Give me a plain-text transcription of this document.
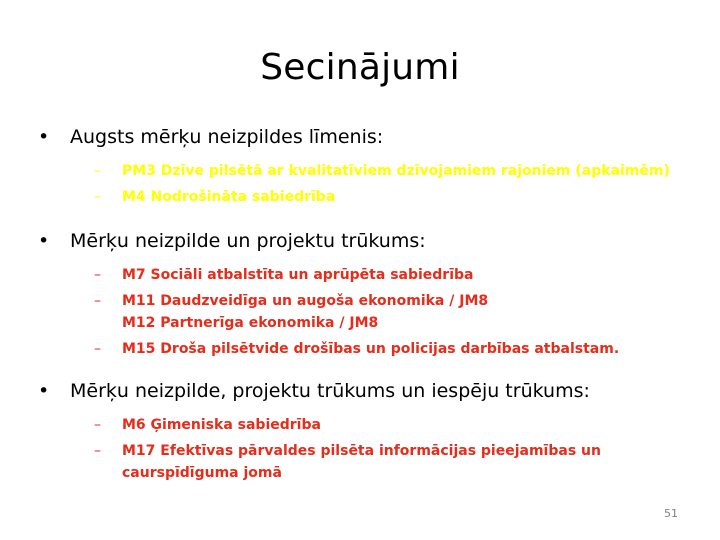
Secinājumi
• Augsts mērķu neizpildes līmenis:
– PM3 Dzīve pilsētā ar kvalitatīviem dzīvojamiem rajoniem (apkaimēm)
– M4 Nodrošināta sabiedrība
• Mērķu neizpilde un projektu trūkums:
– M7 Sociāli atbalstīta un aprūpēta sabiedrība
– M11 Daudzveidīga un augoša ekonomika / JM8
M12 Partnerīga ekonomika / JM8
– M15 Droša pilsētvide drošības un policijas darbības atbalstam.
• Mērķu neizpilde, projektu trūkums un iespēju trūkums:
– M6 Ģimeniska sabiedrība
– M17 Efektīvas pārvaldes pilsēta informācijas pieejamības un
caurspīdīguma jomā
51
